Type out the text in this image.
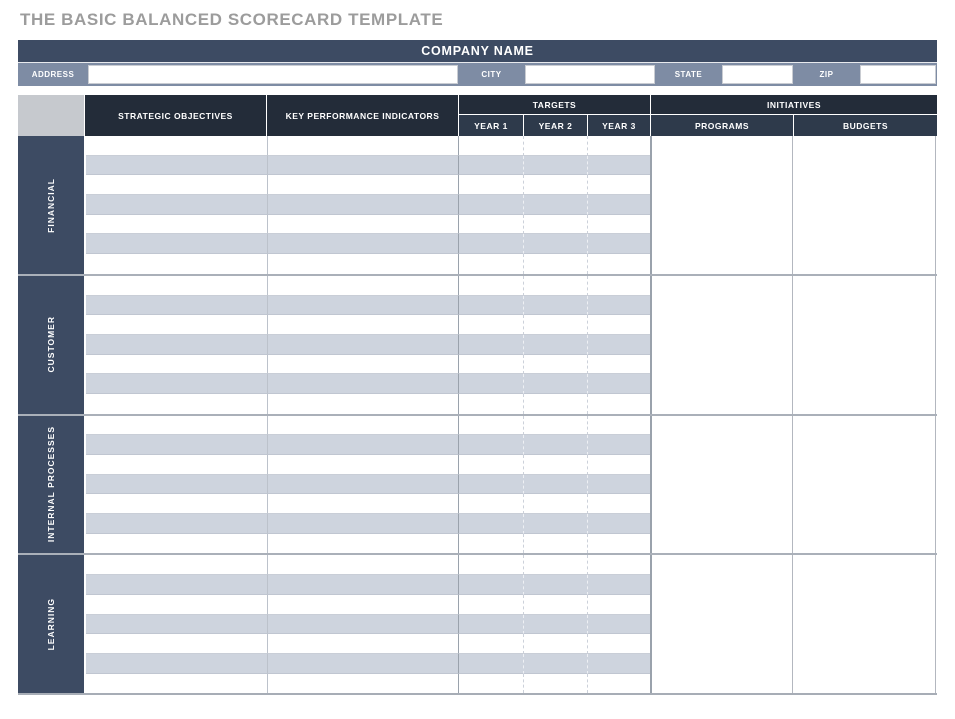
THE BASIC BALANCED SCORECARD TEMPLATE
COMPANY NAME
ADDRESS	CITY	STATE	ZIP
STRATEGIC OBJECTIVES	KEY PERFORMANCE INDICATORS
TARGETS
YEAR 1	YEAR 2	YEAR 3
INITIATIVES
PROGRAMS	BUDGETS
FINANCIAL
CUSTOMER
INTERNAL PROCESSES
LEARNING
